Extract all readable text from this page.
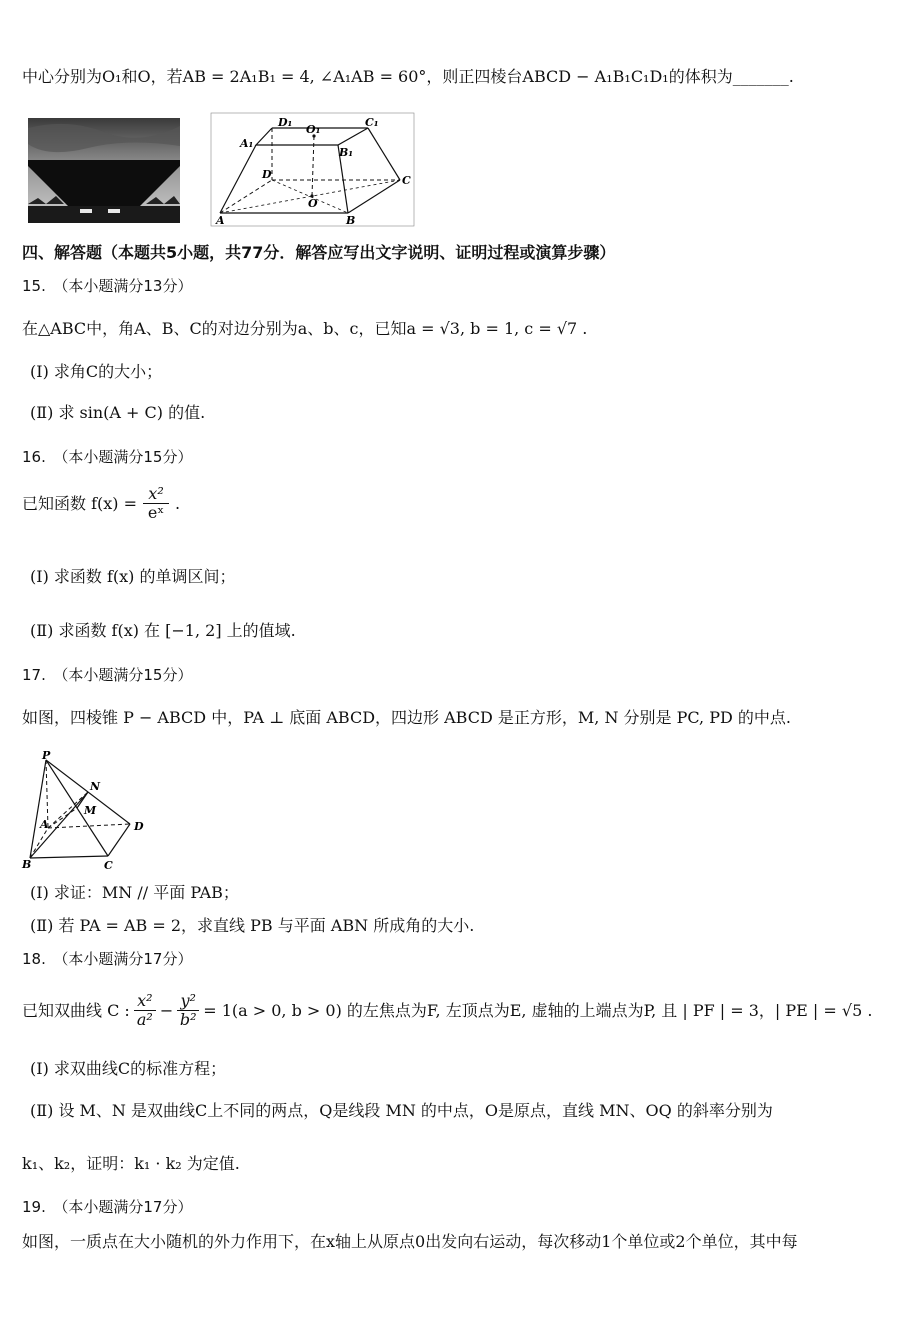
中心分别为O₁和O，若AB = 2A₁B₁ = 4, ∠A₁AB = 60°，则正四棱台ABCD − A₁B₁C₁D₁的体积为_______.
D₁
O₁
C₁
A₁
B₁
D	C
O
A	B
四、解答题（本题共5小题，共77分．解答应写出文字说明、证明过程或演算步骤）
15.　（本小题满分13分）
在△ABC中，角A、B、C的对边分别为a、b、c，已知a = √3, b = 1, c = √7 .
(Ⅰ) 求角C的大小；
(Ⅱ) 求 sin(A + C) 的值.
16.　（本小题满分15分）
已知函数 $f(x) = \frac{\text{x²}}{\text{eˣ}}$ .
(Ⅰ) 求函数 f(x) 的单调区间；
(Ⅱ) 求函数 f(x) 在 [−1, 2] 上的值域.
17.　（本小题满分15分）
如图，四棱锥 P − ABCD 中，PA ⊥ 底面 ABCD，四边形 ABCD 是正方形，M, N 分别是 PC, PD 的中点.
P
N
M
A	D
B	C
(Ⅰ) 求证：MN // 平面 PAB；
(Ⅱ) 若 PA = AB = 2，求直线 PB 与平面 ABN 所成角的大小.
18.　（本小题满分17分）
已知双曲线 C : $\frac{\text{x²}}{\text{a²}} - \frac{\text{y²}}{\text{b²}} = 1(a > 0$, b > 0) 的左焦点为F, 左顶点为E, 虚轴的上端点为P, 且 | PF | = 3，| PE | = √5 .
(Ⅰ) 求双曲线C的标准方程；
(Ⅱ) 设 M、N 是双曲线C上不同的两点，Q是线段 MN 的中点，O是原点，直线 MN、OQ 的斜率分别为
k₁、k₂，证明：k₁ · k₂ 为定值.
19.　（本小题满分17分）
如图，一质点在大小随机的外力作用下，在x轴上从原点0出发向右运动，每次移动1个单位或2个单位，其中每
